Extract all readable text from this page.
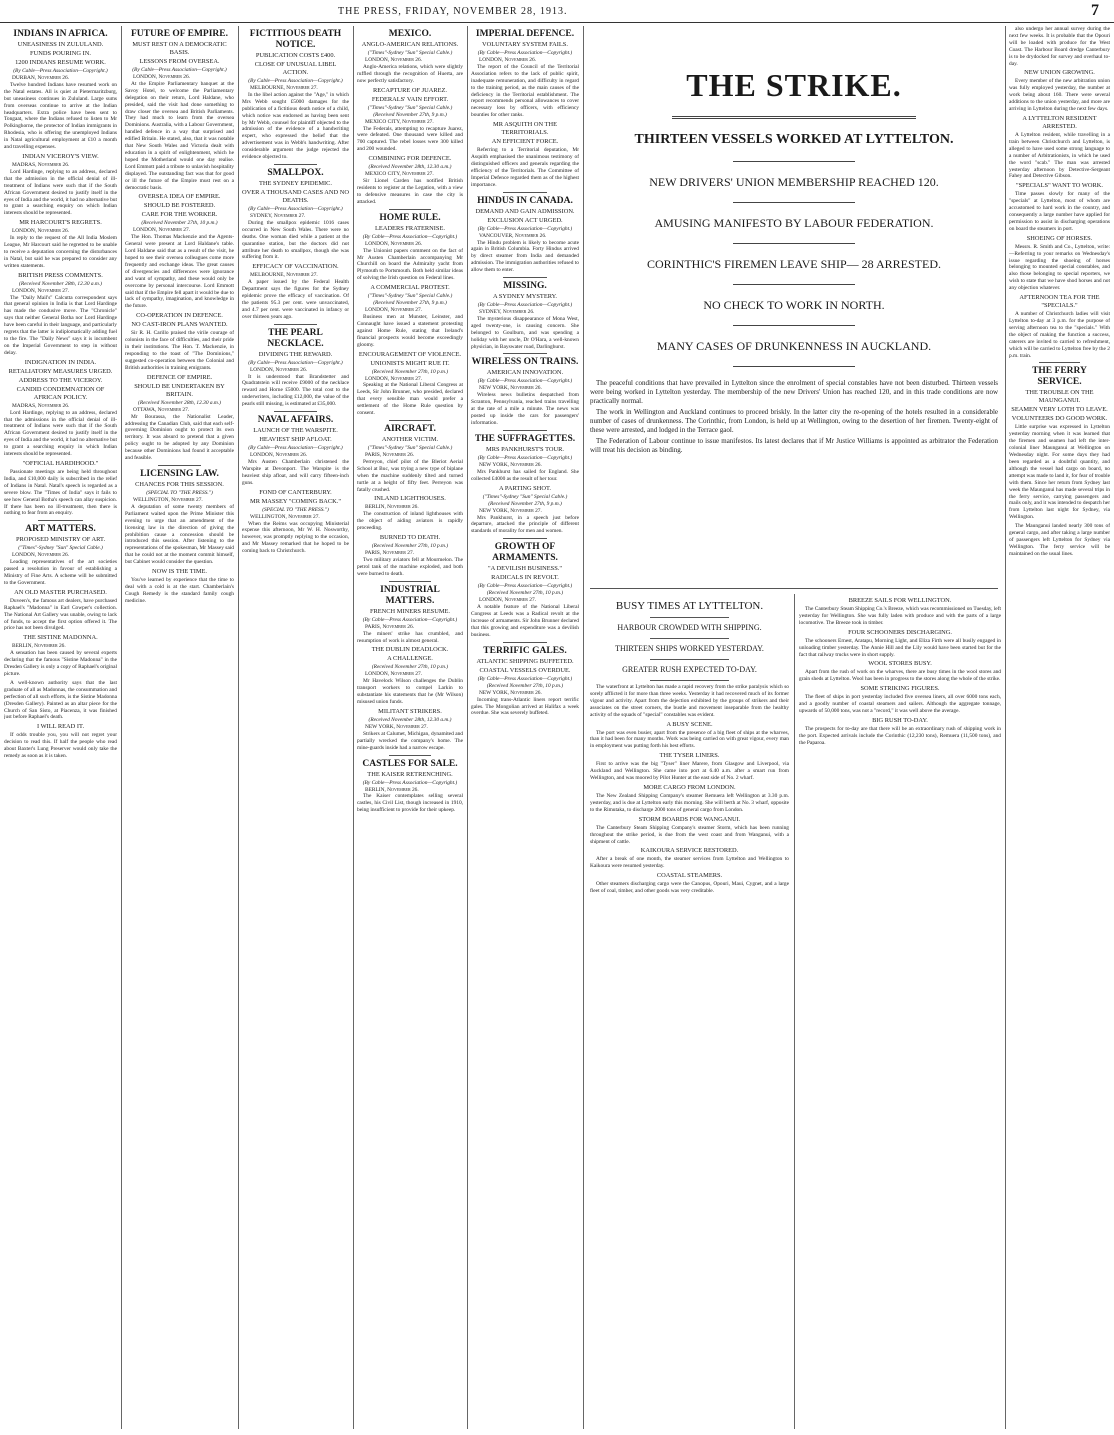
THE PRESS, FRIDAY, NOVEMBER 28, 1913.	7
INDIANS IN AFRICA.
UNEASINESS IN ZULULAND.
FUNDS POURING IN.
1200 INDIANS RESUME WORK.
(By Cable—Press Association—Copyright.)
DURBAN, November 26.

Twelve hundred Indians have resumed work on the Natal estates. All is quiet at Pietermaritzburg, but uneasiness continues in Zululand. Large sums from overseas continue to arrive at the Indian headquarters. Extra police have been sent to Tongaat, where the Indians refused to listen to Mr Polkinghorne, the protector of Indian immigrants in Rhodesia, who is offering the unemployed Indians in Natal agricultural employment at £10 a month and travelling expenses.

INDIAN VICEROY'S VIEW.
MADRAS, November 26.

Lord Hardinge, replying to an address, declared that the admission in the official denial of ill-treatment of Indians were such that if the South African Government desired to justify itself in the eyes of India and the world, it had no alternative but to grant a searching enquiry on which Indian interests should be represented.

MR HARCOURT'S REGRETS.
LONDON, November 26.

In reply to the request of the All India Moslem League, Mr Harcourt said he regretted to be unable to receive a deputation concerning the disturbances in Natal, but said he was prepared to consider any written statements.

BRITISH PRESS COMMENTS.
(Received November 28th, 12.30 a.m.)
LONDON, November 27.

The "Daily Mail's" Calcutta correspondent says that general opinion in India is that Lord Hardinge has made the condusive move. The "Chronicle" says that neither General Botha nor Lord Hardinge have been careful in their language, and particularly regrets that the latter is indiplomatically adding fuel to the fire. The "Daily News" says it is incumbent on the Imperial Government to step in without delay.

INDIGNATION IN INDIA.
RETALIATORY MEASURES URGED.
ADDRESS TO THE VICEROY.
CANDID CONDEMNATION OF AFRICAN POLICY.
MADRAS, November 26.

Lord Hardinge, replying to an address, declared that the admissions in the official denial of ill-treatment of Indians were such that if the South African Government desired to justify itself in the eyes of India and the world, it had no alternative but to grant a searching enquiry in which Indian interests should be represented.

"OFFICIAL HARDIHOOD."

Passionate meetings are being held throughout India, and £10,000 daily is subscribed in the relief of Indians in Natal. Natal's speech is regarded as a severe blow. The "Times of India" says it fails to see how General Botha's speech can allay suspicion. If there has been no ill-treatment, then there is nothing to fear from an enquiry.

ART MATTERS.
PROPOSED MINISTRY OF ART.
("Times"-Sydney "Sun" Special Cable.)
LONDON, November 26.

Leading representatives of the art societies passed a resolution in favour of establishing a Ministry of Fine Arts. A scheme will be submitted to the Government.

AN OLD MASTER PURCHASED.

Duveen's, the famous art dealers, have purchased Raphael's "Madonna" in Earl Cowper's collection. The National Art Gallery was unable, owing to lack of funds, to accept the first option offered it. The price has not been divulged.

THE SISTINE MADONNA.
BERLIN, November 26.

A sensation has been caused by several experts declaring that the famous "Sistine Madonna" in the Dresden Gallery is only a copy of Raphael's original picture.

A well-known authority says that the last graduate of all as Madonnas, the consummation and perfection of all such efforts, is the Sistine Madonna (Dresden Gallery). Painted as an altar piece for the Church of San Sisto, at Piacenza, it was finished just before Raphael's death.

I WILL READ IT.

If odds trouble you, you will not regret your decision to read this. If half the people who read about Baxter's Lung Preserver would only take the remedy as soon as it is taken.

FUTURE OF EMPIRE.
MUST REST ON A DEMOCRATIC BASIS.
LESSONS FROM OVERSEA.
(By Cable—Press Association—Copyright.)
LONDON, November 26.

At the Empire Parliamentary banquet at the Savoy Hotel, to welcome the Parliamentary delegation on their return, Lord Haldane, who presided, said the visit had done something to draw closer the oversea and British Parliaments. They had much to learn from the oversea Dominions. Australia, with a Labour Government, handled defence in a way that surprised and edified Britain. He stated, also, that it was notable that New South Wales and Victoria dealt with education in a spirit of enlightenment, which he hoped the Motherland would one day realise. Lord Emmott paid a tribute to unlavish hospitality displayed. The outstanding fact was that for good or ill the future of the Empire must rest on a democratic basis.

OVERSEA IDEA OF EMPIRE.
SHOULD BE FOSTERED.
CARE FOR THE WORKER.
(Received November 27th, 10 p.m.)
LONDON, November 27.

The Hon. Thomas Mackenzie and the Agents-General were present at Lord Haldane's table. Lord Haldane said that as a result of the visit, he hoped to see their oversea colleagues come more frequently and exchange ideas. The great causes of divergencies and differences were ignorance and want of sympathy, and these would only be overcome by personal intercourse. Lord Emmott said that if the Empire fell apart it would be due to lack of sympathy, imagination, and knowledge in the future.

CO-OPERATION IN DEFENCE.
NO CAST-IRON PLANS WANTED.

Sir R. H. Carillo praised the virile courage of colonists in the face of difficulties, and their pride in their institutions. The Hon. T. Mackenzie, in responding to the toast of "The Dominions," suggested co-operation between the Colonial and British authorities in training emigrants.

DEFENCE OF EMPIRE.
SHOULD BE UNDERTAKEN BY BRITAIN.
(Received November 28th, 12.30 a.m.)
OTTAWA, November 27.

Mr Bourassa, the Nationalist Leader, addressing the Canadian Club, said that each self-governing Dominion ought to protect its own territory. It was absurd to pretend that a given policy ought to be adopted by any Dominion because other Dominions had found it acceptable and feasible.

LICENSING LAW.
CHANCES FOR THIS SESSION.
(SPECIAL TO "THE PRESS.")
WELLINGTON, November 27.

A deputation of some twenty members of Parliament waited upon the Prime Minister this evening to urge that an amendment of the licensing law in the direction of giving the prohibition cause a concession should be introduced this session. After listening to the representations of the spokesman, Mr Massey said that he could not at the moment commit himself, but Cabinet would consider the question.

NOW IS THE TIME.

You've learned by experience that the time to deal with a cold is at the start. Chamberlain's Cough Remedy is the standard family cough medicine.

FICTITIOUS DEATH NOTICE.
PUBLICATION COSTS £400.
CLOSE OF UNUSUAL LIBEL ACTION.
(By Cable—Press Association—Copyright.)
MELBOURNE, November 27.

In the libel action against the "Age," in which Mrs Webb sought £5000 damages for the publication of a fictitious death notice of a child, which notice was endorsed as having been sent by Mr Webb, counsel for plaintiff objected to the admission of the evidence of a handwriting expert, who expressed the belief that the advertisement was in Webb's handwriting. After considerable argument the judge rejected the evidence objected to.

SMALLPOX.
THE SYDNEY EPIDEMIC.
OVER A THOUSAND CASES AND NO DEATHS.
(By Cable—Press Association—Copyright.)
SYDNEY, November 27.

During the smallpox epidemic 1016 cases occurred in New South Wales. There were no deaths. One woman died while a patient at the quarantine station, but the doctors did not attribute her death to smallpox, though she was suffering from it.

EFFICACY OF VACCINATION.
MELBOURNE, November 27.

A paper issued by the Federal Health Department says the figures for the Sydney epidemic prove the efficacy of vaccination. Of the patients 95.3 per cent. were unvaccinated, and 4.7 per cent. were vaccinated in infancy or over thirteen years ago.

THE PEARL NECKLACE.
DIVIDING THE REWARD.
(By Cable—Press Association—Copyright.)
LONDON, November 26.

It is understood that Brandstetter and Quadratstein will receive £9000 of the necklace reward and Horne £5000. The total cost to the underwriters, including £12,000, the value of the pearls still missing, is estimated at £35,000.

NAVAL AFFAIRS.
LAUNCH OF THE WARSPITE.
HEAVIEST SHIP AFLOAT.
(By Cable—Press Association—Copyright.)
LONDON, November 26.

Mrs Austen Chamberlain christened the Warspite at Devonport. The Warspite is the heaviest ship afloat, and will carry fifteen-inch guns.

FOND OF CANTERBURY.
MR MASSEY "COMING BACK."
(SPECIAL TO "THE PRESS.")
WELLINGTON, November 27.

When the Reims was occupying Ministerial expense this afternoon, Mr W. H. Nosworthy, however, was promptly replying to the occasion, and Mr Massey remarked that he hoped to be coming back to Christchurch.

MEXICO.
ANGLO-AMERICAN RELATIONS.
("Times"-Sydney "Sun" Special Cable.)
LONDON, November 26.

Anglo-America relations, which were slightly ruffled through the recognition of Huerta, are now perfectly satisfactory.

RECAPTURE OF JUAREZ.
FEDERALS' VAIN EFFORT.
("Times"-Sydney "Sun" Special Cable.)
(Received November 27th, 9 p.m.)
MEXICO CITY, November 27.

The Federals, attempting to recapture Juarez, were defeated. One thousand were killed and 700 captured. The rebel losses were 300 killed and 200 wounded.

COMBINING FOR DEFENCE.
(Received November 28th, 12.30 a.m.)
MEXICO CITY, November 27.

Sir Lionel Carden has notified British residents to register at the Legation, with a view to defensive measures in case the city is attacked.

HOME RULE.
LEADERS FRATERNISE.
(By Cable—Press Association—Copyright.)
LONDON, November 26.

The Unionist papers comment on the fact of Mr Austen Chamberlain accompanying Mr Churchill on board the Admiralty yacht from Plymouth to Portsmouth. Both held similar ideas of solving the Irish question on Federal lines.

A COMMERCIAL PROTEST.
("Times"-Sydney "Sun" Special Cable.)
(Received November 27th, 9 p.m.)
LONDON, November 27.

Business men at Munster, Leinster, and Connaught have issued a statement protesting against Home Rule, stating that Ireland's financial prospects would become exceedingly gloomy.

ENCOURAGEMENT OF VIOLENCE.
UNIONISTS MIGHT RUE IT.
(Received November 27th, 10 p.m.)
LONDON, November 27.

Speaking at the National Liberal Congress at Leeds, Sir John Brunner, who presided, declared that every sensible man would prefer a settlement of the Home Rule question by consent.

AIRCRAFT.
ANOTHER VICTIM.
("Times"-Sydney "Sun" Special Cable.)
PARIS, November 26.

Perreyon, chief pilot of the Bleriot Aerial School at Buc, was trying a new type of biplane when the machine suddenly tilted and turned turtle at a height of fifty feet. Perreyon was fatally crushed.

INLAND LIGHTHOUSES.
BERLIN, November 26.

The construction of inland lighthouses with the object of aiding aviators is rapidly proceeding.

BURNED TO DEATH.
(Received November 27th, 10 p.m.)
PARIS, November 27.

Two military aviators fell at Mourmelon. The petrol tank of the machine exploded, and both were burned to death.

INDUSTRIAL MATTERS.
FRENCH MINERS RESUME.
(By Cable—Press Association—Copyright.)
PARIS, November 26.

The miners' strike has crumbled, and resumption of work is almost general.

THE DUBLIN DEADLOCK.
A CHALLENGE.
(Received November 27th, 10 p.m.)
LONDON, November 27.

Mr Havelock Wilson challenges the Dublin transport workers to compel Larkin to substantiate his statements that he (Mr Wilson) misused union funds.

MILITANT STRIKERS.
(Received November 28th, 12.30 a.m.)
NEW YORK, November 27.

Strikers at Calumet, Michigan, dynamited and partially wrecked the company's home. The mine-guards inside had a narrow escape.

CASTLES FOR SALE.
THE KAISER RETRENCHING.
(By Cable—Press Association—Copyright.)
BERLIN, November 26.

The Kaiser contemplates selling several castles, his Civil List, though increased in 1910, being insufficient to provide for their upkeep.

IMPERIAL DEFENCE.
VOLUNTARY SYSTEM FAILS.
(By Cable—Press Association—Copyright.)
LONDON, November 26.

The report of the Council of the Territorial Association refers to the lack of public spirit, inadequate remuneration, and difficulty in regard to the training period, as the main causes of the deficiency in the Territorial establishment. The report recommends personal allowances to cover necessary loss by officers, with efficiency bounties for other ranks.

MR ASQUITH ON THE TERRITORIALS.
AN EFFICIENT FORCE.

Referring to a Territorial deputation, Mr Asquith emphasised the unanimous testimony of distinguished officers and generals regarding the efficiency of the Territorials. The Committee of Imperial Defence regarded them as of the highest importance.

HINDUS IN CANADA.
DEMAND AND GAIN ADMISSION.
EXCLUSION ACT URGED.
(By Cable—Press Association—Copyright.)
VANCOUVER, November 26.

The Hindu problem is likely to become acute again in British Columbia. Forty Hindus arrived by direct steamer from India and demanded admission. The immigration authorities refused to allow them to enter.

MISSING.
A SYDNEY MYSTERY.
(By Cable—Press Association—Copyright.)
SYDNEY, November 26.

The mysterious disappearance of Mona West, aged twenty-one, is causing concern. She belonged to Goulburn, and was spending a holiday with her uncle, Dr O'Hara, a well-known physician, in Bayswater road, Darlinghurst.

WIRELESS ON TRAINS.
AMERICAN INNOVATION.
(By Cable—Press Association—Copyright.)
NEW YORK, November 26.

Wireless news bulletins despatched from Scranton, Pennsylvania, reached trains travelling at the rate of a mile a minute. The news was posted up inside the cars for passengers' information.

THE SUFFRAGETTES.
MRS PANKHURST'S TOUR.
(By Cable—Press Association—Copyright.)
NEW YORK, November 26.

Mrs Pankhurst has sailed for England. She collected £4000 as the result of her tour.

A PARTING SHOT.
("Times"-Sydney "Sun" Special Cable.)
(Received November 27th, 9 p.m.)
NEW YORK, November 27.

Mrs Pankhurst, in a speech just before departure, attacked the principle of different standards of morality for men and women.

GROWTH OF ARMAMENTS.
"A DEVILISH BUSINESS."
RADICALS IN REVOLT.
(By Cable—Press Association—Copyright.)
(Received November 27th, 10 p.m.)
LONDON, November 27.

A notable feature of the National Liberal Congress at Leeds was a Radical revolt at the increase of armaments. Sir John Brunner declared that this growing and expenditure was a devilish business.

TERRIFIC GALES.
ATLANTIC SHIPPING BUFFETED.
COASTAL VESSELS OVERDUE.
(By Cable—Press Association—Copyright.)
(Received November 27th, 10 p.m.)
NEW YORK, November 26.

Incoming trans-Atlantic liners report terrific gales. The Mongolian arrived at Halifax a week overdue. She was severely buffeted.

THE STRIKE.
THIRTEEN VESSELS WORKED AT LYTTELTON.
NEW DRIVERS' UNION MEMBERSHIP REACHED 120.
AMUSING MANIFESTO BY LABOUR FEDERATION.
CORINTHIC'S FIREMEN LEAVE SHIP— 28 ARRESTED.
NO CHECK TO WORK IN NORTH.
MANY CASES OF DRUNKENNESS IN AUCKLAND.

The peaceful conditions that have prevailed in Lyttelton since the enrolment of special constables have not been disturbed. Thirteen vessels were being worked in Lyttelton yesterday. The membership of the new Drivers' Union has reached 120, and in this trade conditions are now practically normal.

The work in Wellington and Auckland continues to proceed briskly. In the latter city the re-opening of the hotels resulted in a considerable number of cases of drunkenness. The Corinthic, from London, is held up at Wellington, owing to the desertion of her firemen. Twenty-eight of these were arrested, and lodged in the Terrace gaol.

The Federation of Labour continue to issue manifestos. Its latest declares that if Mr Justice Williams is appointed as arbitrator the Federation will treat his decision as binding.

BUSY TIMES AT LYTTELTON.
HARBOUR CROWDED WITH SHIPPING.
THIRTEEN SHIPS WORKED YESTERDAY.
GREATER RUSH EXPECTED TO-DAY.

The waterfront at Lyttelton has made a rapid recovery from the strike paralysis which so sorely afflicted it for more than three weeks. Yesterday it had recovered much of its former vigour and activity. Apart from the dejection exhibited by the groups of strikers and their associates on the street corners, the bustle and movement inseparable from the healthy activity of the squads of "special" constables was evident.

A BUSY SCENE.

The port was even busier, apart from the presence of a big fleet of ships at the wharves, than it had been for many months. Work was being carried on with great vigour, every man in employment was putting forth his best efforts.

THE TYSER LINERS.

First to arrive was the big "Tyser" liner Marere, from Glasgow and Liverpool, via Auckland and Wellington. She came into port at 6.40 a.m. after a smart run from Wellington, and was moored by Pilot Hunter at the east side of No. 2 wharf.

MORE CARGO FROM LONDON.

The New Zealand Shipping Company's steamer Remuera left Wellington at 3.30 p.m. yesterday, and is due at Lyttelton early this morning. She will berth at No. 3 wharf, opposite to the Rimutaka, to discharge 2000 tons of general cargo from London.

STORM BOARDS FOR WANGANUI.

The Canterbury Steam Shipping Company's steamer Storm, which has been running throughout the strike period, is due from the west coast and from Wanganui, with a shipment of cattle.

KAIKOURA SERVICE RESTORED.

After a break of one month, the steamer services from Lyttelton and Wellington to Kaikoura were resumed yesterday.

COASTAL STEAMERS.

Other steamers discharging cargo were the Canopus, Opouri, Maui, Cygnet, and a large fleet of coal, timber, and other goods was very creditable.

BREEZE SAILS FOR WELLINGTON.

The Canterbury Steam Shipping Co.'s Breeze, which was recommissioned on Tuesday, left yesterday for Wellington. She was fully laden with produce and with the parts of a large locomotive. The Breeze took in timber.

FOUR SCHOONERS DISCHARGING.

The schooners Ernest, Aratapu, Morning Light, and Eliza Firth were all busily engaged in unloading timber yesterday. The Annie Hill and the Lily would have been started but for the fact that railway trucks were in short supply.

WOOL STORES BUSY.

Apart from the rush of work on the wharves, there are busy times in the wool stores and grain sheds at Lyttelton. Wool has been in progress to the stores along the whole of the strike.

SOME STRIKING FIGURES.

The fleet of ships in port yesterday included five oversea liners, all over 6000 tons each, and a goodly number of coastal steamers and sailers. Although the aggregate tonnage, upwards of 50,000 tons, was not a "record," it was well above the average.

BIG RUSH TO-DAY.

The prospects for to-day are that there will be an extraordinary rush of shipping work in the port. Expected arrivals include the Corinthic (12,230 tons), Remuera (11,500 tons), and the Paparoa.

also undergo her annual survey during the next few weeks. It is probable that the Opouri will be loaded with produce for the West Coast. The Harbour Board dredge Canterbury is to be drydocked for survey and overhaul to-day.

NEW UNION GROWING.

Every member of the new arbitration union was fully employed yesterday, the number at work being about 160. There were several additions to the union yesterday, and more are arriving in Lyttelton during the next few days.

A LYTTELTON RESIDENT ARRESTED.

A Lyttelton resident, while travelling in a train between Christchurch and Lyttelton, is alleged to have used some strong language to a number of Arbitrationists, in which he used the word "scab." The man was arrested yesterday afternoon by Detective-Sergeant Fahey and Detective Gibson.

"SPECIALS" WANT TO WORK.

Time passes slowly for many of the "specials" at Lyttelton, most of whom are accustomed to hard work in the country, and consequently a large number have applied for permission to assist in discharging operations on board the steamers in port.

SHOEING OF HORSES.

Messrs. R. Smith and Co., Lyttelton, write:—Referring to your remarks on Wednesday's issue regarding the shoeing of horses belonging to mounted special constables, and also those belonging to special reporters, we wish to state that we have shod horses and not any objection whatever.

AFTERNOON TEA FOR THE "SPECIALS."

A number of Christchurch ladies will visit Lyttelton to-day at 3 p.m. for the purpose of serving afternoon tea to the "specials." With the object of making the function a success, caterers are invited to carried to refreshment, which will be carried to Lyttelton free by the 2 p.m. train.

THE FERRY SERVICE.
THE TROUBLE ON THE MAUNGANUI.
SEAMEN VERY LOTH TO LEAVE.
VOLUNTEERS DO GOOD WORK.

Little surprise was expressed in Lyttelton yesterday morning when it was learned that the firemen and seamen had left the inter-colonial liner Maunganui at Wellington on Wednesday night. For some days they had been regarded as a doubtful quantity, and although the vessel had cargo on board, no attempt was made to land it, for fear of trouble with them. Since her return from Sydney last week the Maunganui has made several trips in the ferry service, carrying passengers and mails only, and it was intended to despatch her from Lyttelton last night for Sydney, via Wellington.

The Maunganui landed nearly 300 tons of general cargo, and after taking a large number of passengers left Lyttelton for Sydney via Wellington. The ferry service will be maintained on the usual lines.
